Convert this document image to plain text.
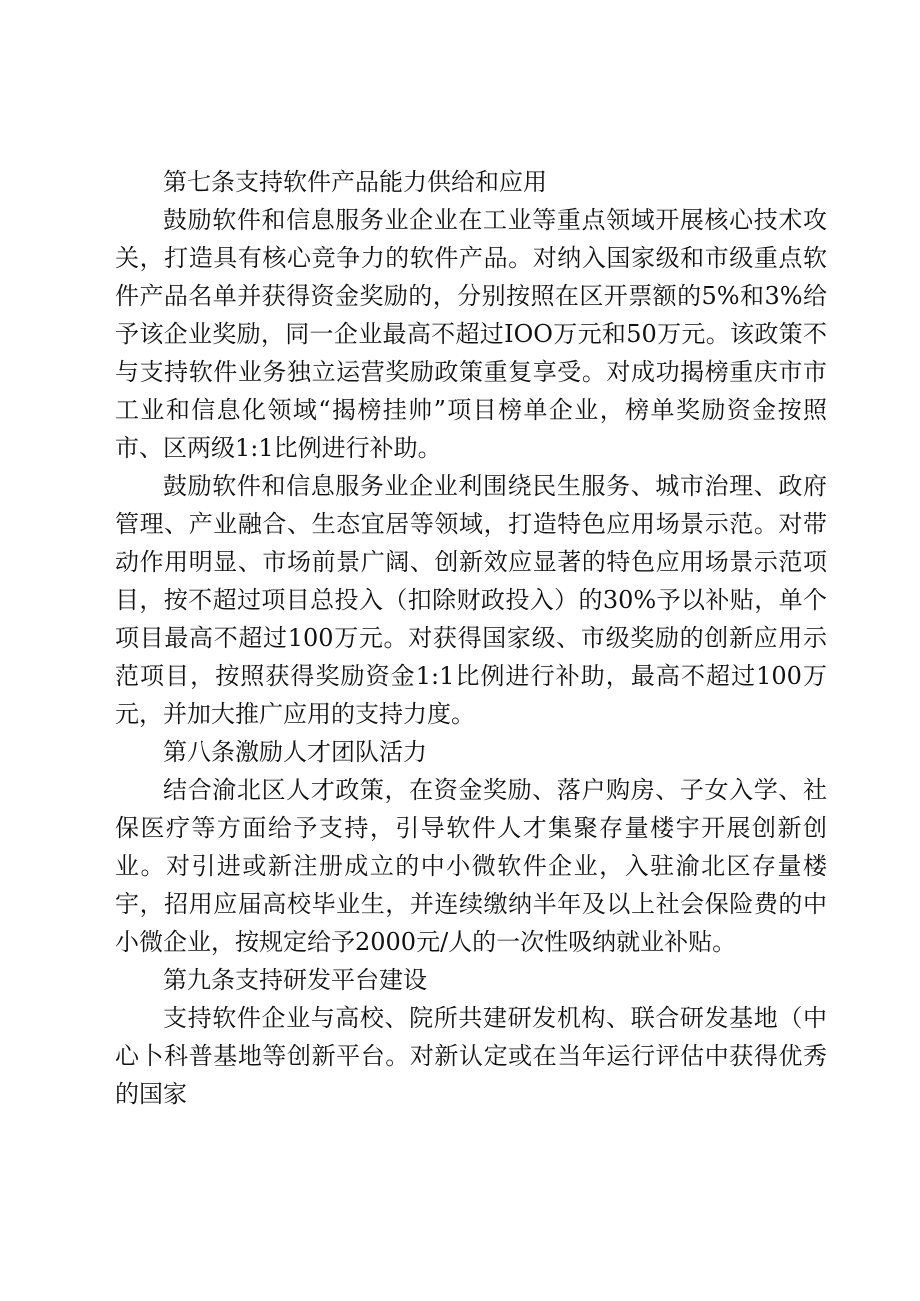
第七条支持软件产品能力供给和应用

鼓励软件和信息服务业企业在工业等重点领域开展核心技术攻关，打造具有核心竞争力的软件产品。对纳入国家级和市级重点软件产品名单并获得资金奖励的，分别按照在区开票额的5%和3%给予该企业奖励，同一企业最高不超过IOO万元和50万元。该政策不与支持软件业务独立运营奖励政策重复享受。对成功揭榜重庆市市工业和信息化领域“揭榜挂帅”项目榜单企业，榜单奖励资金按照市、区两级1:1比例进行补助。

鼓励软件和信息服务业企业利围绕民生服务、城市治理、政府管理、产业融合、生态宜居等领域，打造特色应用场景示范。对带动作用明显、市场前景广阔、创新效应显著的特色应用场景示范项目，按不超过项目总投入（扣除财政投入）的30%予以补贴，单个项目最高不超过100万元。对获得国家级、市级奖励的创新应用示范项目，按照获得奖励资金1:1比例进行补助，最高不超过100万元，并加大推广应用的支持力度。

第八条激励人才团队活力

结合渝北区人才政策，在资金奖励、落户购房、子女入学、社保医疗等方面给予支持，引导软件人才集聚存量楼宇开展创新创业。对引进或新注册成立的中小微软件企业，入驻渝北区存量楼宇，招用应届高校毕业生，并连续缴纳半年及以上社会保险费的中小微企业，按规定给予2000元/人的一次性吸纳就业补贴。

第九条支持研发平台建设

支持软件企业与高校、院所共建研发机构、联合研发基地（中心卜科普基地等创新平台。对新认定或在当年运行评估中获得优秀的国家
